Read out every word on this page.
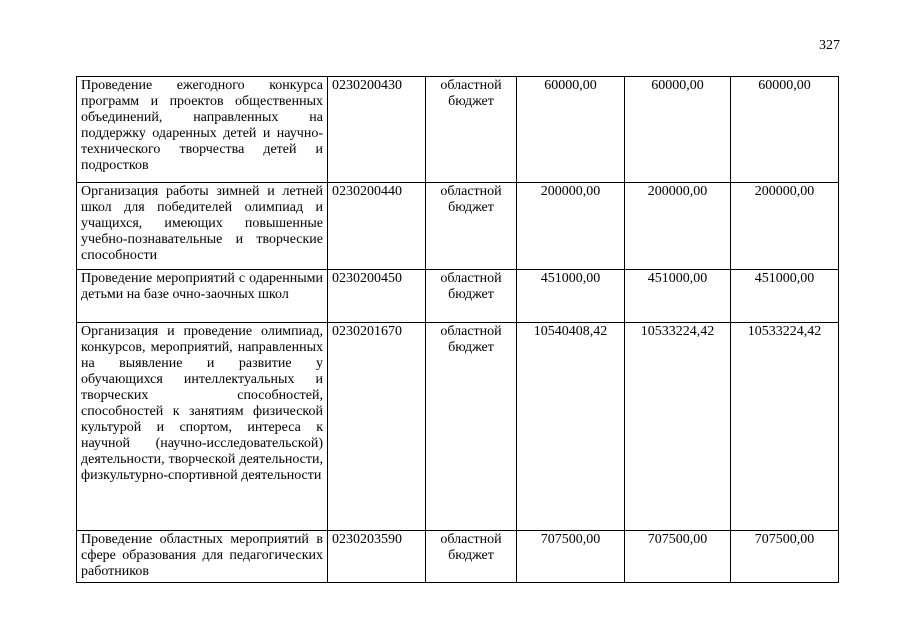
327
Проведение ежегодного конкурса программ и проектов общественных объединений, направленных на поддержку одаренных детей и научно-технического творчества детей и подростков	0230200430	областной бюджет	60000,00	60000,00	60000,00
Организация работы зимней и летней школ для победителей олимпиад и учащихся, имеющих повышенные учебно-познавательные и творческие способности	0230200440	областной бюджет	200000,00	200000,00	200000,00
Проведение мероприятий с одаренными детьми на базе очно-заочных школ	0230200450	областной бюджет	451000,00	451000,00	451000,00
Организация и проведение олимпиад, конкурсов, мероприятий, направленных на выявление и развитие у обучающихся интеллектуальных и творческих способностей, способностей к занятиям физической культурой и спортом, интереса к научной (научно-исследовательской) деятельности, творческой деятельности, физкультурно-спортивной деятельности	0230201670	областной бюджет	10540408,42	10533224,42	10533224,42
Проведение областных мероприятий в сфере образования для педагогических работников	0230203590	областной бюджет	707500,00	707500,00	707500,00
